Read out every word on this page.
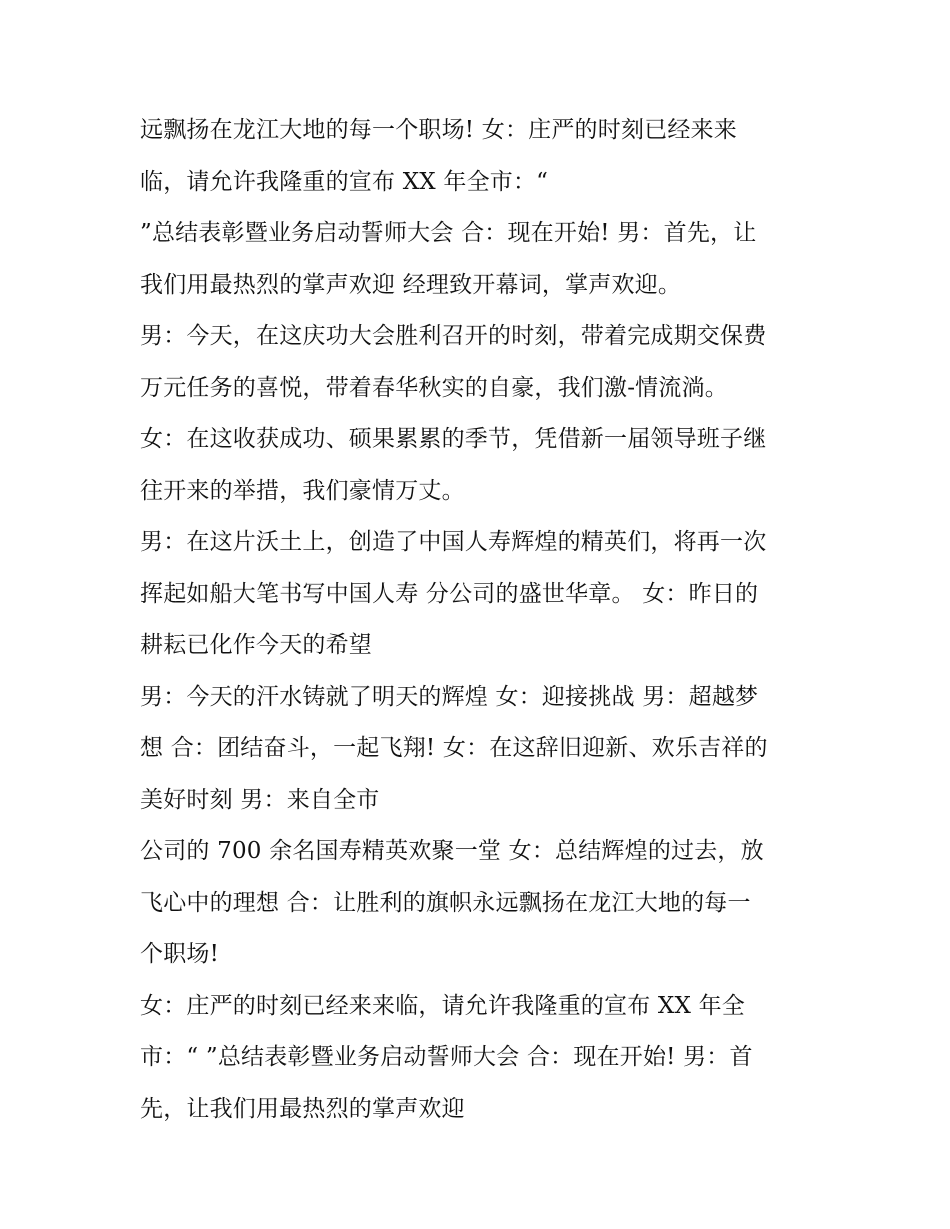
远飘扬在龙江大地的每一个职场! 女：庄严的时刻已经来来
临，请允许我隆重的宣布 XX 年全市：“
”总结表彰暨业务启动誓师大会 合：现在开始! 男：首先，让
我们用最热烈的掌声欢迎 经理致开幕词，掌声欢迎。
男：今天，在这庆功大会胜利召开的时刻，带着完成期交保费
万元任务的喜悦，带着春华秋实的自豪，我们激-情流淌。
女：在这收获成功、硕果累累的季节，凭借新一届领导班子继
往开来的举措，我们豪情万丈。
男：在这片沃土上，创造了中国人寿辉煌的精英们，将再一次
挥起如船大笔书写中国人寿 分公司的盛世华章。 女：昨日的
耕耘已化作今天的希望
男：今天的汗水铸就了明天的辉煌 女：迎接挑战 男：超越梦
想 合：团结奋斗，一起飞翔! 女：在这辞旧迎新、欢乐吉祥的
美好时刻 男：来自全市
公司的 700 余名国寿精英欢聚一堂 女：总结辉煌的过去，放
飞心中的理想 合：让胜利的旗帜永远飘扬在龙江大地的每一
个职场!
女：庄严的时刻已经来来临，请允许我隆重的宣布 XX 年全
市：“ ”总结表彰暨业务启动誓师大会 合：现在开始! 男：首
先，让我们用最热烈的掌声欢迎
